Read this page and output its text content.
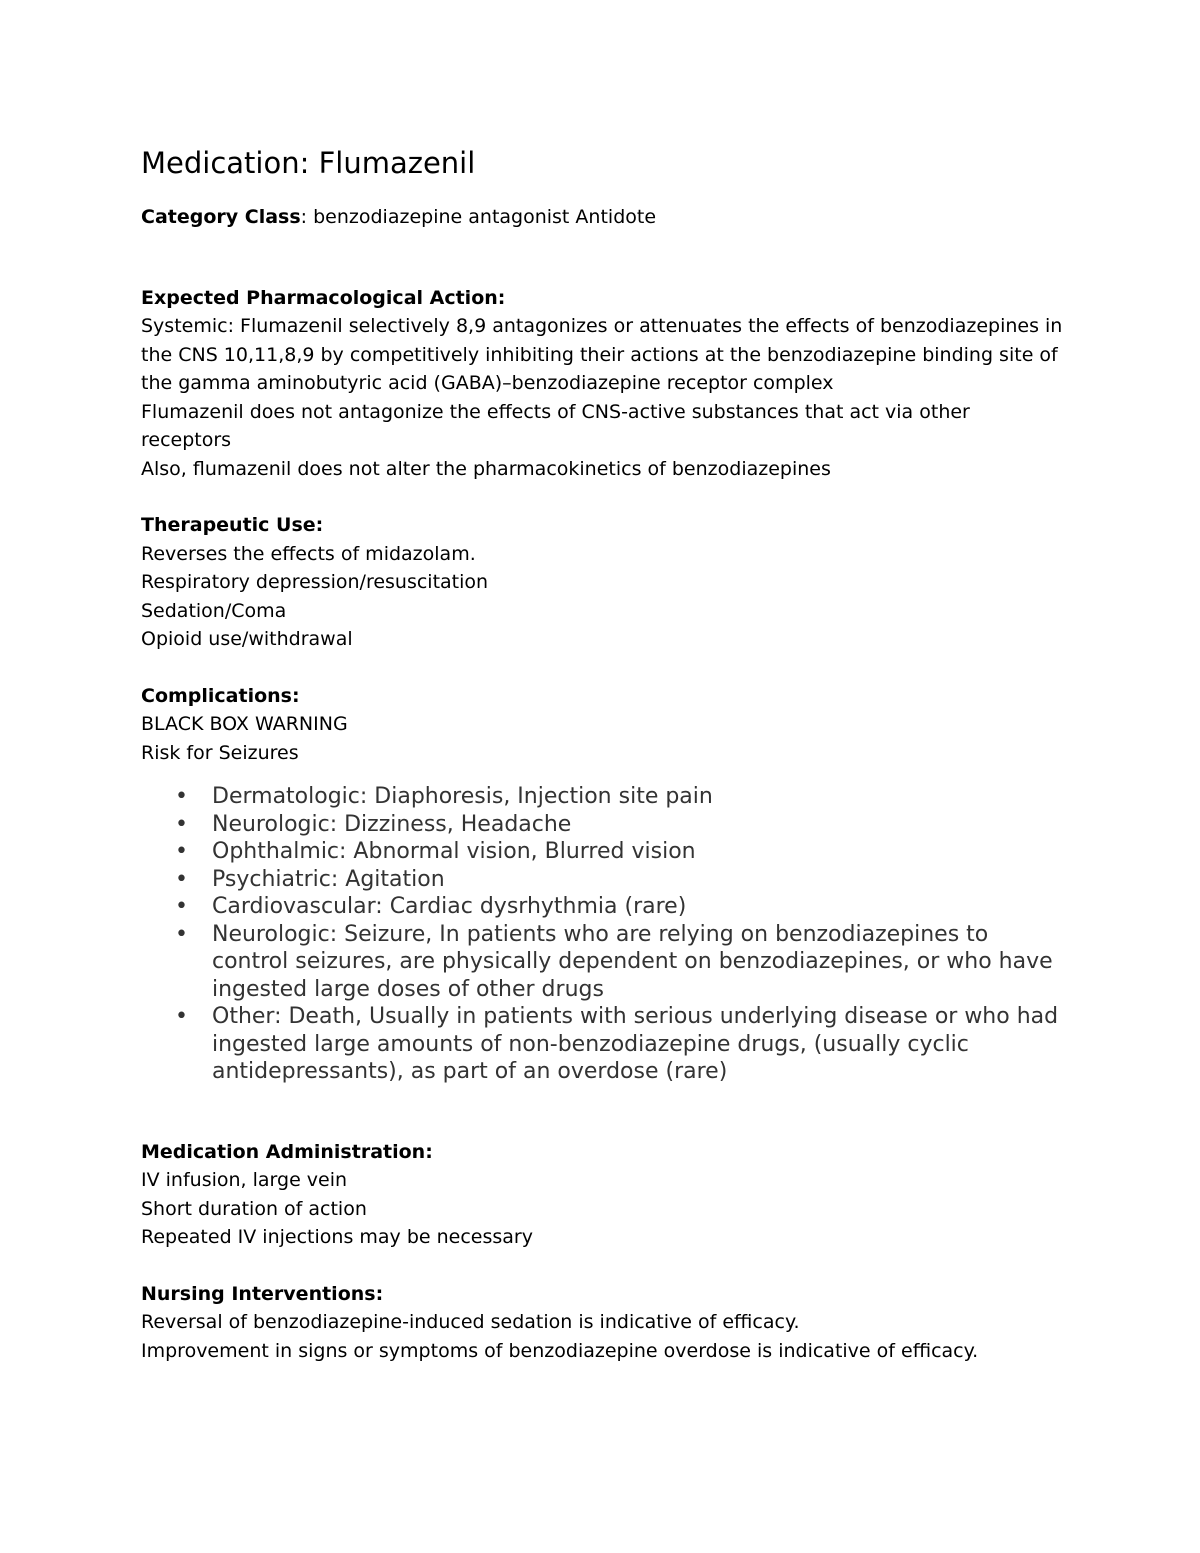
Medication: Flumazenil

Category Class: benzodiazepine antagonist Antidote

Expected Pharmacological Action:

Systemic: Flumazenil selectively 8,9 antagonizes or attenuates the effects of benzodiazepines in

the CNS 10,11,8,9 by competitively inhibiting their actions at the benzodiazepine binding site of

the gamma aminobutyric acid (GABA)–benzodiazepine receptor complex

Flumazenil does not antagonize the effects of CNS-active substances that act via other

receptors

Also, flumazenil does not alter the pharmacokinetics of benzodiazepines

Therapeutic Use:

Reverses the effects of midazolam.

Respiratory depression/resuscitation

Sedation/Coma

Opioid use/withdrawal

Complications:

BLACK BOX WARNING

Risk for Seizures

• Dermatologic: Diaphoresis, Injection site pain
• Neurologic: Dizziness, Headache
• Ophthalmic: Abnormal vision, Blurred vision
• Psychiatric: Agitation
• Cardiovascular: Cardiac dysrhythmia (rare)
• Neurologic: Seizure, In patients who are relying on benzodiazepines to control seizures, are physically dependent on benzodiazepines, or who have ingested large doses of other drugs
• Other: Death, Usually in patients with serious underlying disease or who had ingested large amounts of non-benzodiazepine drugs, (usually cyclic antidepressants), as part of an overdose (rare)

Medication Administration:

IV infusion, large vein

Short duration of action

Repeated IV injections may be necessary

Nursing Interventions:

Reversal of benzodiazepine-induced sedation is indicative of efficacy.

Improvement in signs or symptoms of benzodiazepine overdose is indicative of efficacy.
